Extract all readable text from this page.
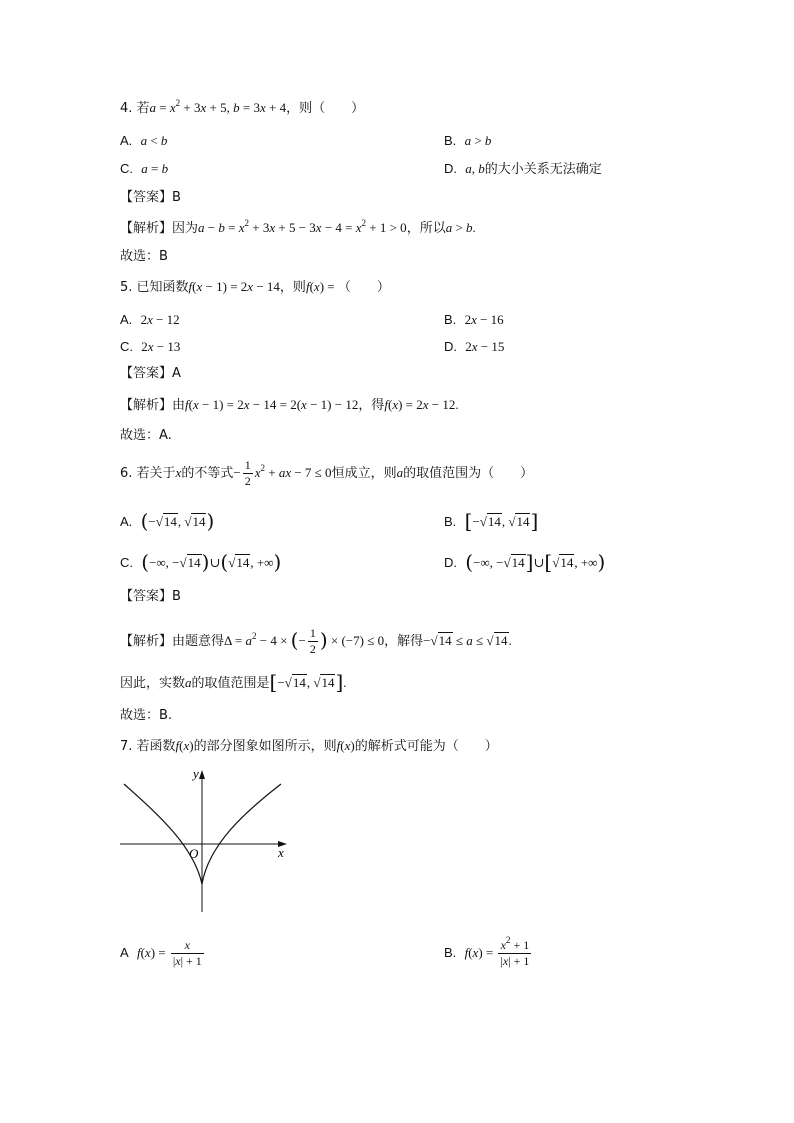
4. 若$a = x^2 + 3x + 5$, b = 3x + 4，则（　　）
A. a < b	B. a > b
C. a = b	D. a, b的大小关系无法确定
【答案】B
【解析】因为$a - b = x^2 + 3x + 5 - 3x - 4 = x^2 + 1 > 0$，所以a > b.
故选：B
5. 已知函数f(x − 1) = 2x − 14，则f(x) = （　　）
A. 2x − 12	B. 2x − 16
C. 2x − 13	D. 2x − 15
【答案】A
【解析】由f(x − 1) = 2x − 14 = 2(x − 1) − 12，得f(x) = 2x − 12.
故选：A.
6. 若关于x的不等式− $\frac{1}{2} x^2$ + ax − 7 ≤ 0恒成立，则a的取值范围为（　　）
A. (−√14, √14)	B. [−√14, √14]
C. (−∞, −√14)∪(√14, +∞)	D. (−∞, −√14]∪[√14, +∞)
【答案】B
【解析】由题意得$\Delta = a^2 - 4$ × (− $\frac{1}{2}$ ) × (−7) ≤ 0，解得−√14 ≤ a ≤ √14.
因此，实数a的取值范围是[−√14, √14].
故选：B.
7. 若函数f(x)的部分图象如图所示，则f(x)的解析式可能为（　　）
y
x
O
A $f(x) = \frac{x}{|x| + 1}$	B. $f(x) = \frac{x^2 + 1}{|x| + 1}$
